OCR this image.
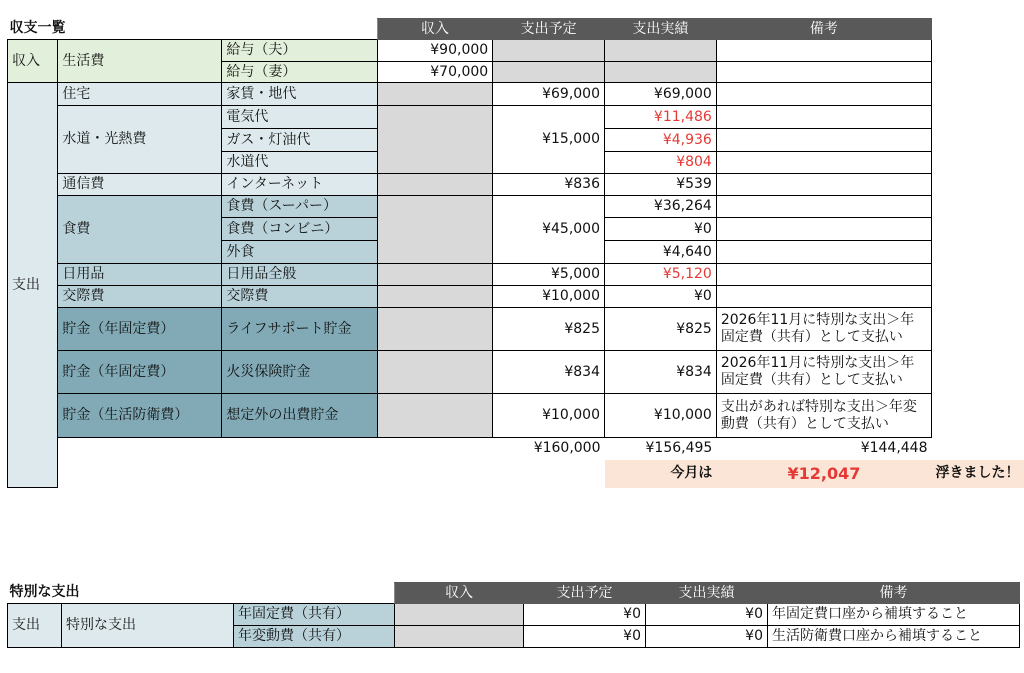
収支一覧			収入	支出予定	支出実績	備考	
収入	生活費	給与（夫）	¥90,000				
		給与（妻）	¥70,000				
支出	住宅	家賃・地代		¥69,000	¥69,000		
	水道・光熱費	電気代		¥15,000	¥11,486		
		ガス・灯油代			¥4,936		
		水道代			¥804		
	通信費	インターネット		¥836	¥539		
	食費	食費（スーパー）		¥45,000	¥36,264		
		食費（コンビニ）			¥0		
		外食			¥4,640		
	日用品	日用品全般		¥5,000	¥5,120		
	交際費	交際費		¥10,000	¥0		
	貯金（年固定費）	ライフサポート貯金		¥825	¥825	2026年11月に特別な支出＞年固定費（共有）として支払い	
	貯金（年固定費）	火災保険貯金		¥834	¥834	2026年11月に特別な支出＞年固定費（共有）として支払い	
	貯金（生活防衛費）	想定外の出費貯金		¥10,000	¥10,000	支出があれば特別な支出＞年変動費（共有）として支払い	
				¥160,000	¥156,495	¥144,448	
					今月は	¥12,047	浮きました！
特別な支出			収入	支出予定	支出実績	備考
支出	特別な支出	年固定費（共有）		¥0	¥0	年固定費口座から補填すること
		年変動費（共有）		¥0	¥0	生活防衛費口座から補填すること
